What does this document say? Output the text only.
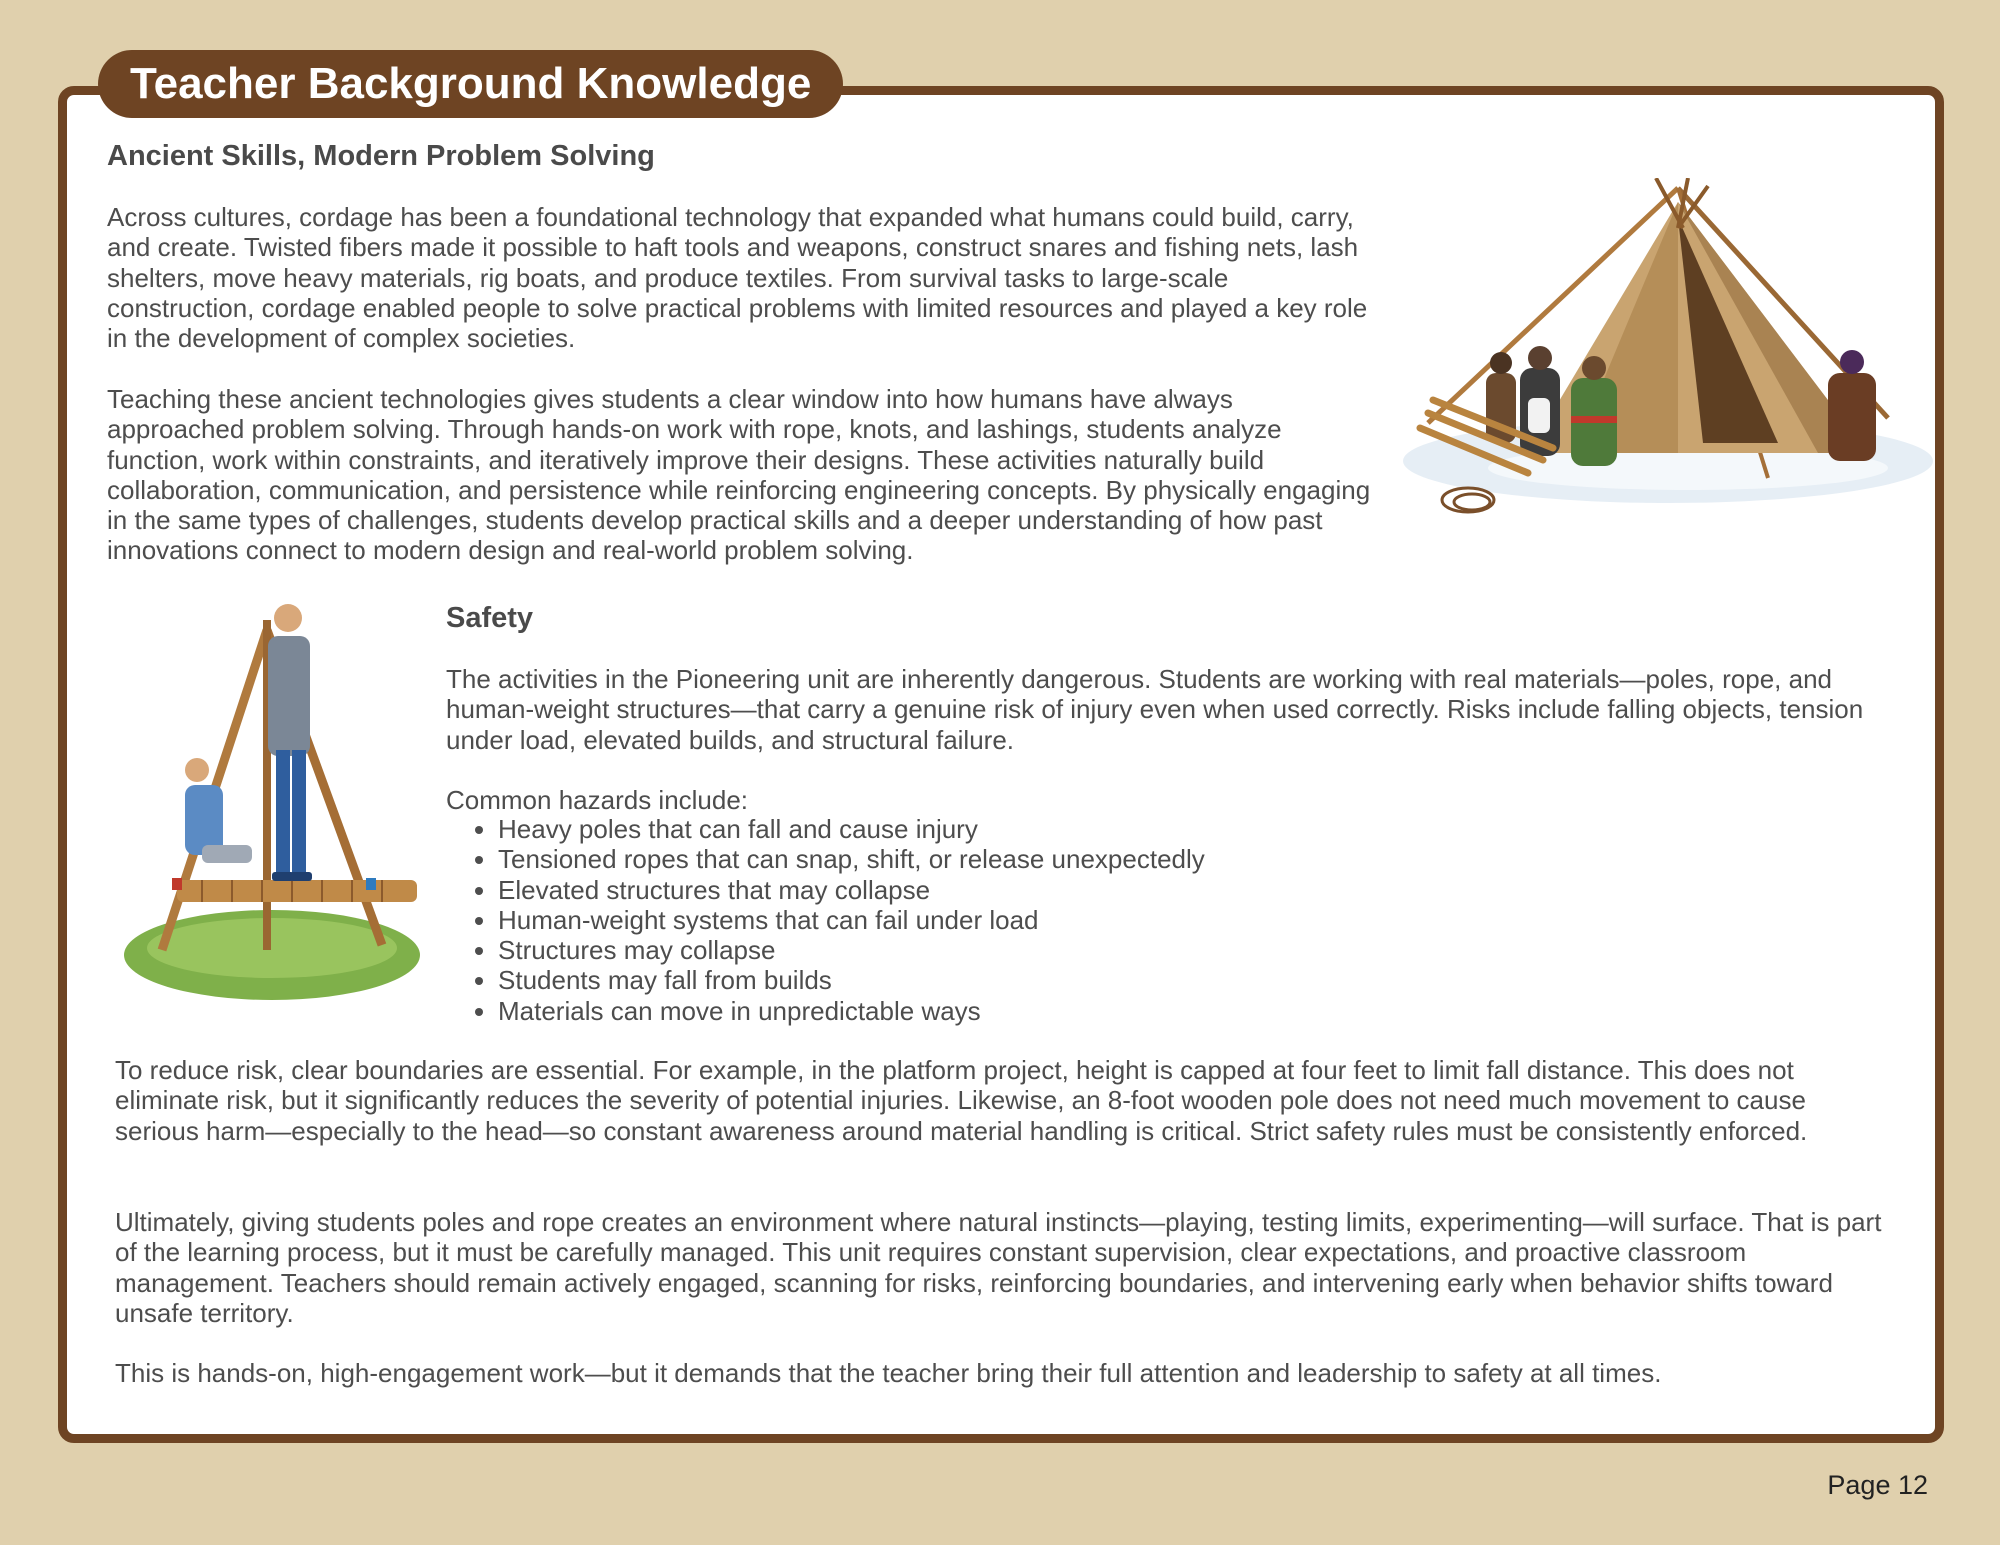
Teacher Background Knowledge
Ancient Skills, Modern Problem Solving

Across cultures, cordage has been a foundational technology that expanded what humans could build, carry, and create. Twisted fibers made it possible to haft tools and weapons, construct snares and fishing nets, lash shelters, move heavy materials, rig boats, and produce textiles. From survival tasks to large-scale construction, cordage enabled people to solve practical problems with limited resources and played a key role in the development of complex societies.

Teaching these ancient technologies gives students a clear window into how humans have always approached problem solving. Through hands-on work with rope, knots, and lashings, students analyze function, work within constraints, and iteratively improve their designs. These activities naturally build collaboration, communication, and persistence while reinforcing engineering concepts. By physically engaging in the same types of challenges, students develop practical skills and a deeper understanding of how past innovations connect to modern design and real-world problem solving.

Safety

The activities in the Pioneering unit are inherently dangerous. Students are working with real materials—poles, rope, and human-weight structures—that carry a genuine risk of injury even when used correctly. Risks include falling objects, tension under load, elevated builds, and structural failure.

Common hazards include:

• Heavy poles that can fall and cause injury
• Tensioned ropes that can snap, shift, or release unexpectedly
• Elevated structures that may collapse
• Human-weight systems that can fail under load
• Structures may collapse
• Students may fall from builds
• Materials can move in unpredictable ways

To reduce risk, clear boundaries are essential. For example, in the platform project, height is capped at four feet to limit fall distance. This does not eliminate risk, but it significantly reduces the severity of potential injuries. Likewise, an 8-foot wooden pole does not need much movement to cause serious harm—especially to the head—so constant awareness around material handling is critical. Strict safety rules must be consistently enforced.

Ultimately, giving students poles and rope creates an environment where natural instincts—playing, testing limits, experimenting—will surface. That is part of the learning process, but it must be carefully managed. This unit requires constant supervision, clear expectations, and proactive classroom management. Teachers should remain actively engaged, scanning for risks, reinforcing boundaries, and intervening early when behavior shifts toward unsafe territory.

This is hands-on, high-engagement work—but it demands that the teacher bring their full attention and leadership to safety at all times.

Page 12
